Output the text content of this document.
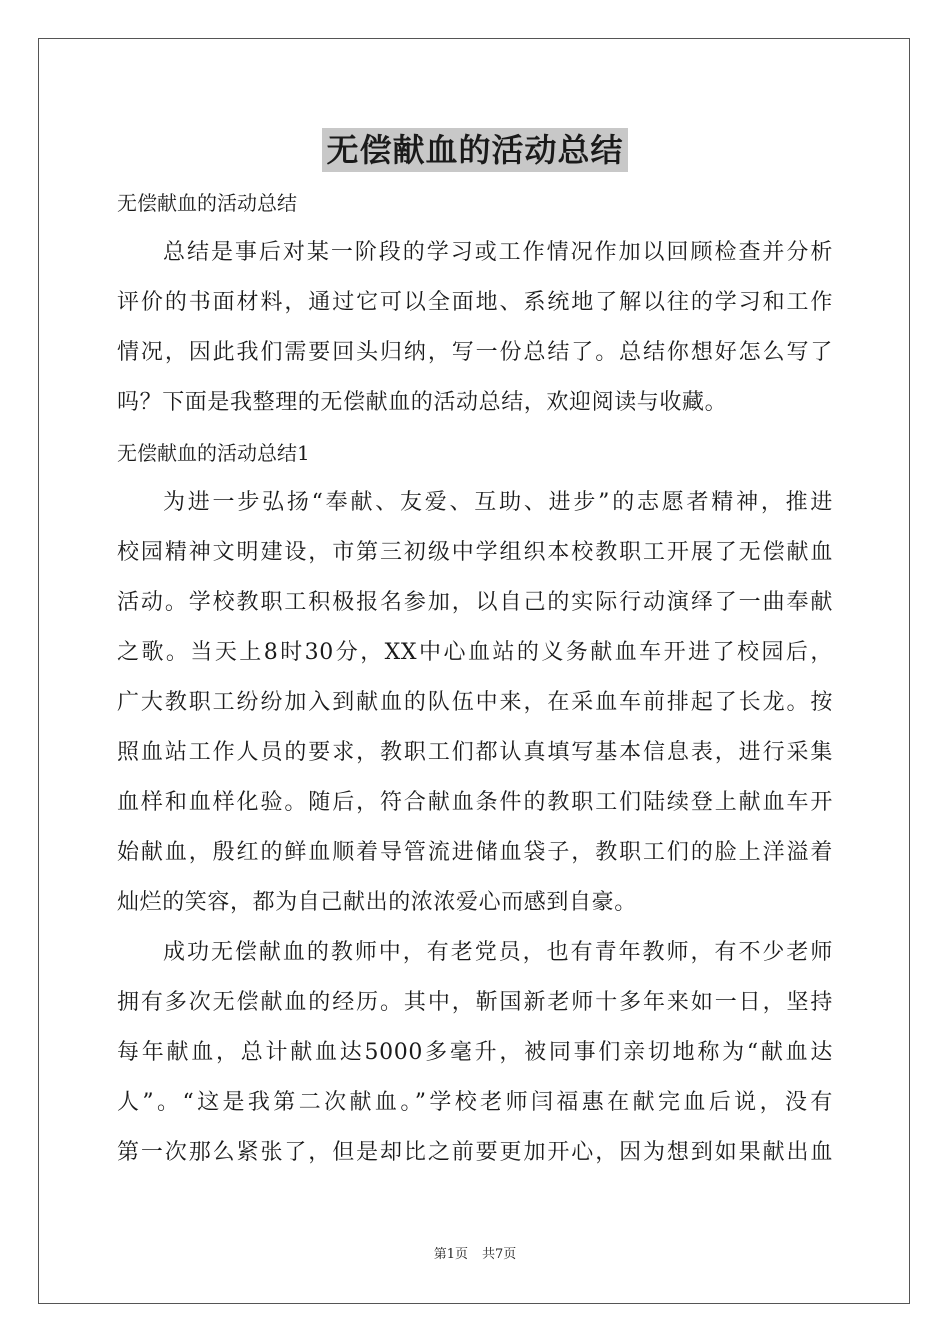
无偿献血的活动总结
无偿献血的活动总结
总结是事后对某一阶段的学习或工作情况作加以回顾检查并分析
评价的书面材料，通过它可以全面地、系统地了解以往的学习和工作
情况，因此我们需要回头归纳，写一份总结了。总结你想好怎么写了
吗？下面是我整理的无偿献血的活动总结，欢迎阅读与收藏。
无偿献血的活动总结1
为进一步弘扬“奉献、友爱、互助、进步”的志愿者精神，推进
校园精神文明建设，市第三初级中学组织本校教职工开展了无偿献血
活动。学校教职工积极报名参加，以自己的实际行动演绎了一曲奉献
之歌。当天上8时30分，XX中心血站的义务献血车开进了校园后，
广大教职工纷纷加入到献血的队伍中来，在采血车前排起了长龙。按
照血站工作人员的要求，教职工们都认真填写基本信息表，进行采集
血样和血样化验。随后，符合献血条件的教职工们陆续登上献血车开
始献血，殷红的鲜血顺着导管流进储血袋子，教职工们的脸上洋溢着
灿烂的笑容，都为自己献出的浓浓爱心而感到自豪。
成功无偿献血的教师中，有老党员，也有青年教师，有不少老师
拥有多次无偿献血的经历。其中，靳国新老师十多年来如一日，坚持
每年献血，总计献血达5000多毫升，被同事们亲切地称为“献血达
人”。“这是我第二次献血。”学校老师闫福惠在献完血后说，没有
第一次那么紧张了，但是却比之前要更加开心，因为想到如果献出血
第1页 共7页
